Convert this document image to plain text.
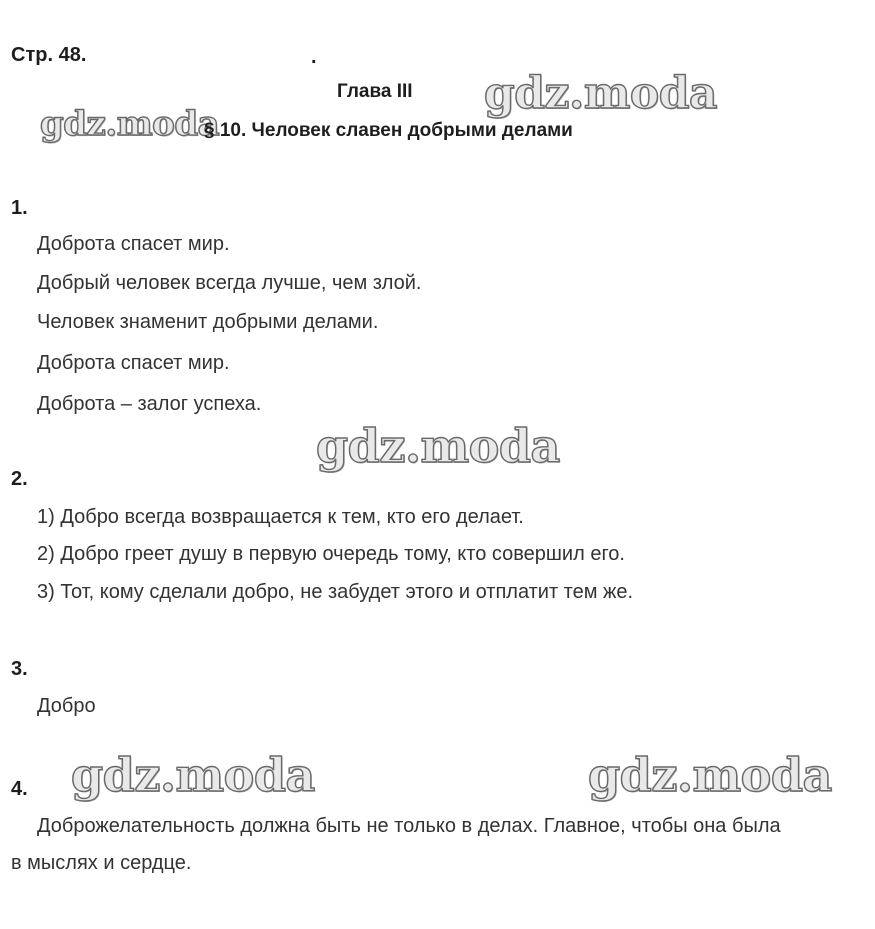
gdz.moda
gdz.moda
gdz.moda
gdz.moda	gdz.moda
Стр. 48.	.
Глава III
§ 10. Человек славен добрыми делами
1.
Доброта спасет мир.
Добрый человек всегда лучше, чем злой.
Человек знаменит добрыми делами.
Доброта спасет мир.
Доброта – залог успеха.
2.
1) Добро всегда возвращается к тем, кто его делает.
2) Добро греет душу в первую очередь тому, кто совершил его.
3) Тот, кому сделали добро, не забудет этого и отплатит тем же.
3.
Добро
4.
Доброжелательность должна быть не только в делах. Главное, чтобы она была
в мыслях и сердце.
